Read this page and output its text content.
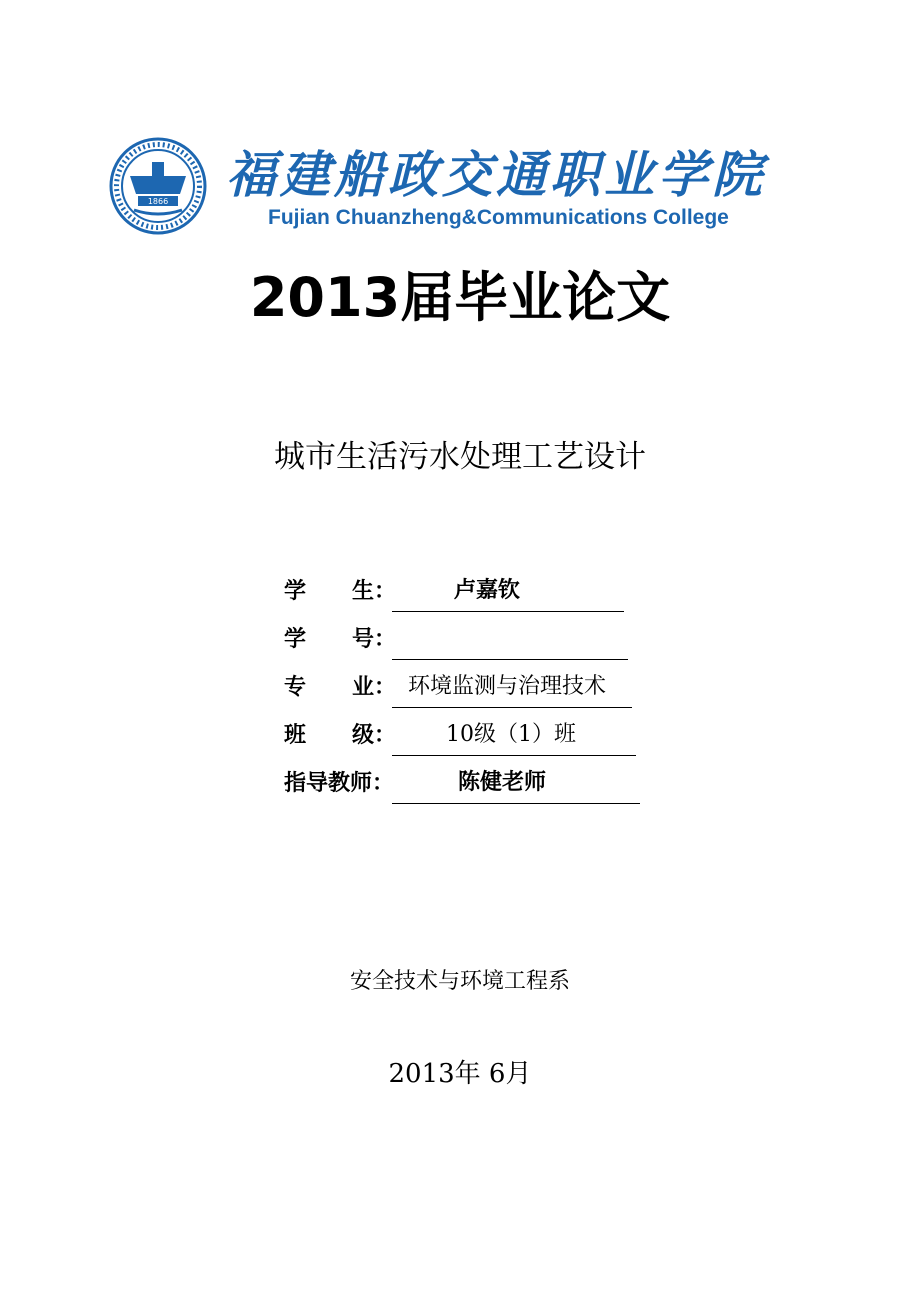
1866 福建船政交通职业学院
Fujian Chuanzheng&Communications College
2013届毕业论文
城市生活污水处理工艺设计
学 生：	卢嘉钦
学 号：
专 业： 环境监测与治理技术
班 级：	10级（1）班
指导教师：	陈健老师
安全技术与环境工程系
2013年 6月
